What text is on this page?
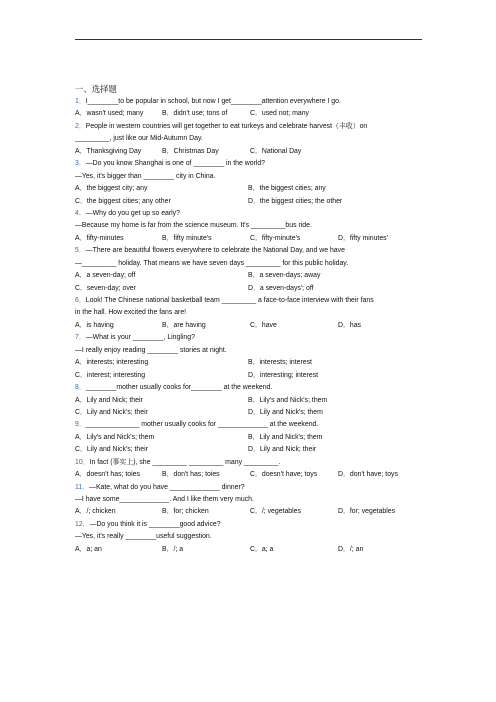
一、选择题
1．I________to be popular in school, but now I get________attention everywhere I go.
A．wasn't used; many	B．didn't use; tons of	C．used not; many
2．People in western countries will get together to eat turkeys and celebrate harvest（丰收）on
_________, just like our Mid-Autumn Day.
A．Thanksgiving Day	B．Christmas Day	C．National Day
3．—Do you know Shanghai is one of ________ in the world?
—Yes, it's bigger than ________ city in China.
A．the biggest city; any	B．the biggest cities; any
C．the biggest cities; any other	D．the biggest cities; the other
4．—Why do you get up so early?
—Because my home is far from the science museum. It's _________bus ride.
A．fifty-minutes	B．fifty minute's	C．fifty-minute's	D．fifty minutes'
5．—There are beautiful flowers everywhere to celebrate the National Day, and we have
—_________ holiday. That means we have seven days _________ for this public holiday.
A．a seven-day; off	B．a seven-days; away
C．seven-day; over	D．a seven-days'; off
6．Look! The Chinese national basketball team _________ a face-to-face interview with their fans
in the hall. How excited the fans are!
A．is having	B．are having	C．have	D．has
7．—What is your ________, Lingling?
—I really enjoy reading ________ stories at night.
A．interests; interesting	B．interests; interest
C．interest; interesting	D．interesting; interest
8．________mother usually cooks for________ at the weekend.
A．Lily and Nick; their	B．Lily's and Nick's; them
C．Lily and Nick's; their	D．Lily and Nick's; them
9．______________ mother usually cooks for _____________ at the weekend.
A．Lily's and Nick's; them	B．Lily and Nick's; them
C．Lily and Nick's; their	D．Lily and Nick; their
10．In fact (事实上), she _________ _________ many _________.
A．doesn't has; toies	B．don't has; toies	C．doesn't have; toys	D．don't have; toys
11．—Kate, what do you have _____________ dinner?
—I have some_____________. And I like them very much.
A．/; chicken	B．for; chicken	C．/; vegetables	D．for; vegetables
12．—Do you think it is ________good advice?
—Yes, it's really ________useful suggestion.
A．a; an	B．/; a	C．a; a	D．/; an
